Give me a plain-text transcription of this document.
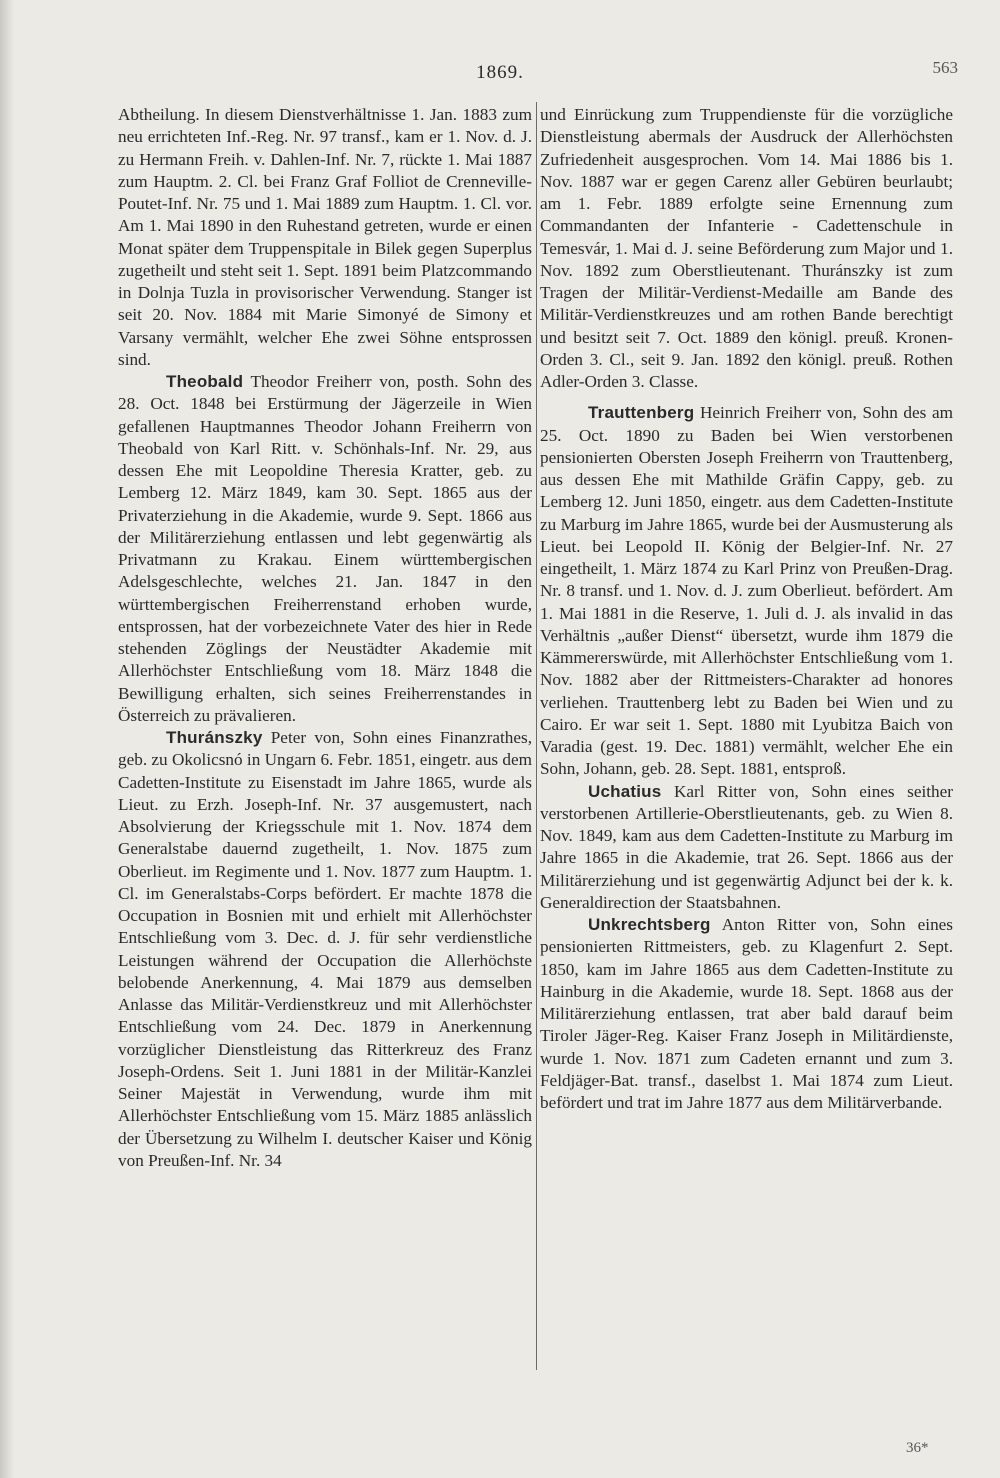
1869.	563

Abtheilung. In diesem Dienstverhältnisse 1. Jan. 1883 zum neu errichteten Inf.-Reg. Nr. 97 transf., kam er 1. Nov. d. J. zu Hermann Freih. v. Dahlen-Inf. Nr. 7, rückte 1. Mai 1887 zum Hauptm. 2. Cl. bei Franz Graf Folliot de Crenneville-Poutet-Inf. Nr. 75 und 1. Mai 1889 zum Hauptm. 1. Cl. vor. Am 1. Mai 1890 in den Ruhestand getreten, wurde er einen Monat später dem Truppenspitale in Bilek gegen Superplus zugetheilt und steht seit 1. Sept. 1891 beim Platzcommando in Dolnja Tuzla in provisorischer Verwendung. Stanger ist seit 20. Nov. 1884 mit Marie Simonyé de Simony et Varsany vermählt, welcher Ehe zwei Söhne entsprossen sind.

Theobald Theodor Freiherr von, posth. Sohn des 28. Oct. 1848 bei Erstürmung der Jägerzeile in Wien gefallenen Hauptmannes Theodor Johann Freiherrn von Theobald von Karl Ritt. v. Schönhals-Inf. Nr. 29, aus dessen Ehe mit Leopoldine Theresia Kratter, geb. zu Lemberg 12. März 1849, kam 30. Sept. 1865 aus der Privaterziehung in die Akademie, wurde 9. Sept. 1866 aus der Militärerziehung entlassen und lebt gegenwärtig als Privatmann zu Krakau. Einem württembergischen Adelsgeschlechte, welches 21. Jan. 1847 in den württembergischen Freiherrenstand erhoben wurde, entsprossen, hat der vorbezeichnete Vater des hier in Rede stehenden Zöglings der Neustädter Akademie mit Allerhöchster Entschließung vom 18. März 1848 die Bewilligung erhalten, sich seines Freiherrenstandes in Österreich zu prävalieren.

Thuránszky Peter von, Sohn eines Finanzrathes, geb. zu Okolicsnó in Ungarn 6. Febr. 1851, eingetr. aus dem Cadetten-Institute zu Eisenstadt im Jahre 1865, wurde als Lieut. zu Erzh. Joseph-Inf. Nr. 37 ausgemustert, nach Absolvierung der Kriegsschule mit 1. Nov. 1874 dem Generalstabe dauernd zugetheilt, 1. Nov. 1875 zum Oberlieut. im Regimente und 1. Nov. 1877 zum Hauptm. 1. Cl. im Generalstabs-Corps befördert. Er machte 1878 die Occupation in Bosnien mit und erhielt mit Allerhöchster Entschließung vom 3. Dec. d. J. für sehr verdienstliche Leistungen während der Occupation die Allerhöchste belobende Anerkennung, 4. Mai 1879 aus demselben Anlasse das Militär-Verdienstkreuz und mit Allerhöchster Entschließung vom 24. Dec. 1879 in Anerkennung vorzüglicher Dienstleistung das Ritterkreuz des Franz Joseph-Ordens. Seit 1. Juni 1881 in der Militär-Kanzlei Seiner Majestät in Verwendung, wurde ihm mit Allerhöchster Entschließung vom 15. März 1885 anlässlich der Übersetzung zu Wilhelm I. deutscher Kaiser und König von Preußen-Inf. Nr. 34

und Einrückung zum Truppendienste für die vorzügliche Dienstleistung abermals der Ausdruck der Allerhöchsten Zufriedenheit ausgesprochen. Vom 14. Mai 1886 bis 1. Nov. 1887 war er gegen Carenz aller Gebüren beurlaubt; am 1. Febr. 1889 erfolgte seine Ernennung zum Commandanten der Infanterie - Cadettenschule in Temesvár, 1. Mai d. J. seine Beförderung zum Major und 1. Nov. 1892 zum Oberstlieutenant. Thuránszky ist zum Tragen der Militär-Verdienst-Medaille am Bande des Militär-Verdienstkreuzes und am rothen Bande berechtigt und besitzt seit 7. Oct. 1889 den königl. preuß. Kronen-Orden 3. Cl., seit 9. Jan. 1892 den königl. preuß. Rothen Adler-Orden 3. Classe.

Trauttenberg Heinrich Freiherr von, Sohn des am 25. Oct. 1890 zu Baden bei Wien verstorbenen pensionierten Obersten Joseph Freiherrn von Trauttenberg, aus dessen Ehe mit Mathilde Gräfin Cappy, geb. zu Lemberg 12. Juni 1850, eingetr. aus dem Cadetten-Institute zu Marburg im Jahre 1865, wurde bei der Ausmusterung als Lieut. bei Leopold II. König der Belgier-Inf. Nr. 27 eingetheilt, 1. März 1874 zu Karl Prinz von Preußen-Drag. Nr. 8 transf. und 1. Nov. d. J. zum Oberlieut. befördert. Am 1. Mai 1881 in die Reserve, 1. Juli d. J. als invalid in das Verhältnis „außer Dienst“ übersetzt, wurde ihm 1879 die Kämmererswürde, mit Allerhöchster Entschließung vom 1. Nov. 1882 aber der Rittmeisters-Charakter ad honores verliehen. Trauttenberg lebt zu Baden bei Wien und zu Cairo. Er war seit 1. Sept. 1880 mit Lyubitza Baich von Varadia (gest. 19. Dec. 1881) vermählt, welcher Ehe ein Sohn, Johann, geb. 28. Sept. 1881, entsproß.

Uchatius Karl Ritter von, Sohn eines seither verstorbenen Artillerie-Oberstlieutenants, geb. zu Wien 8. Nov. 1849, kam aus dem Cadetten-Institute zu Marburg im Jahre 1865 in die Akademie, trat 26. Sept. 1866 aus der Militärerziehung und ist gegenwärtig Adjunct bei der k. k. Generaldirection der Staatsbahnen.

Unkrechtsberg Anton Ritter von, Sohn eines pensionierten Rittmeisters, geb. zu Klagenfurt 2. Sept. 1850, kam im Jahre 1865 aus dem Cadetten-Institute zu Hainburg in die Akademie, wurde 18. Sept. 1868 aus der Militärerziehung entlassen, trat aber bald darauf beim Tiroler Jäger-Reg. Kaiser Franz Joseph in Militärdienste, wurde 1. Nov. 1871 zum Cadeten ernannt und zum 3. Feldjäger-Bat. transf., daselbst 1. Mai 1874 zum Lieut. befördert und trat im Jahre 1877 aus dem Militärverbande.

36*
